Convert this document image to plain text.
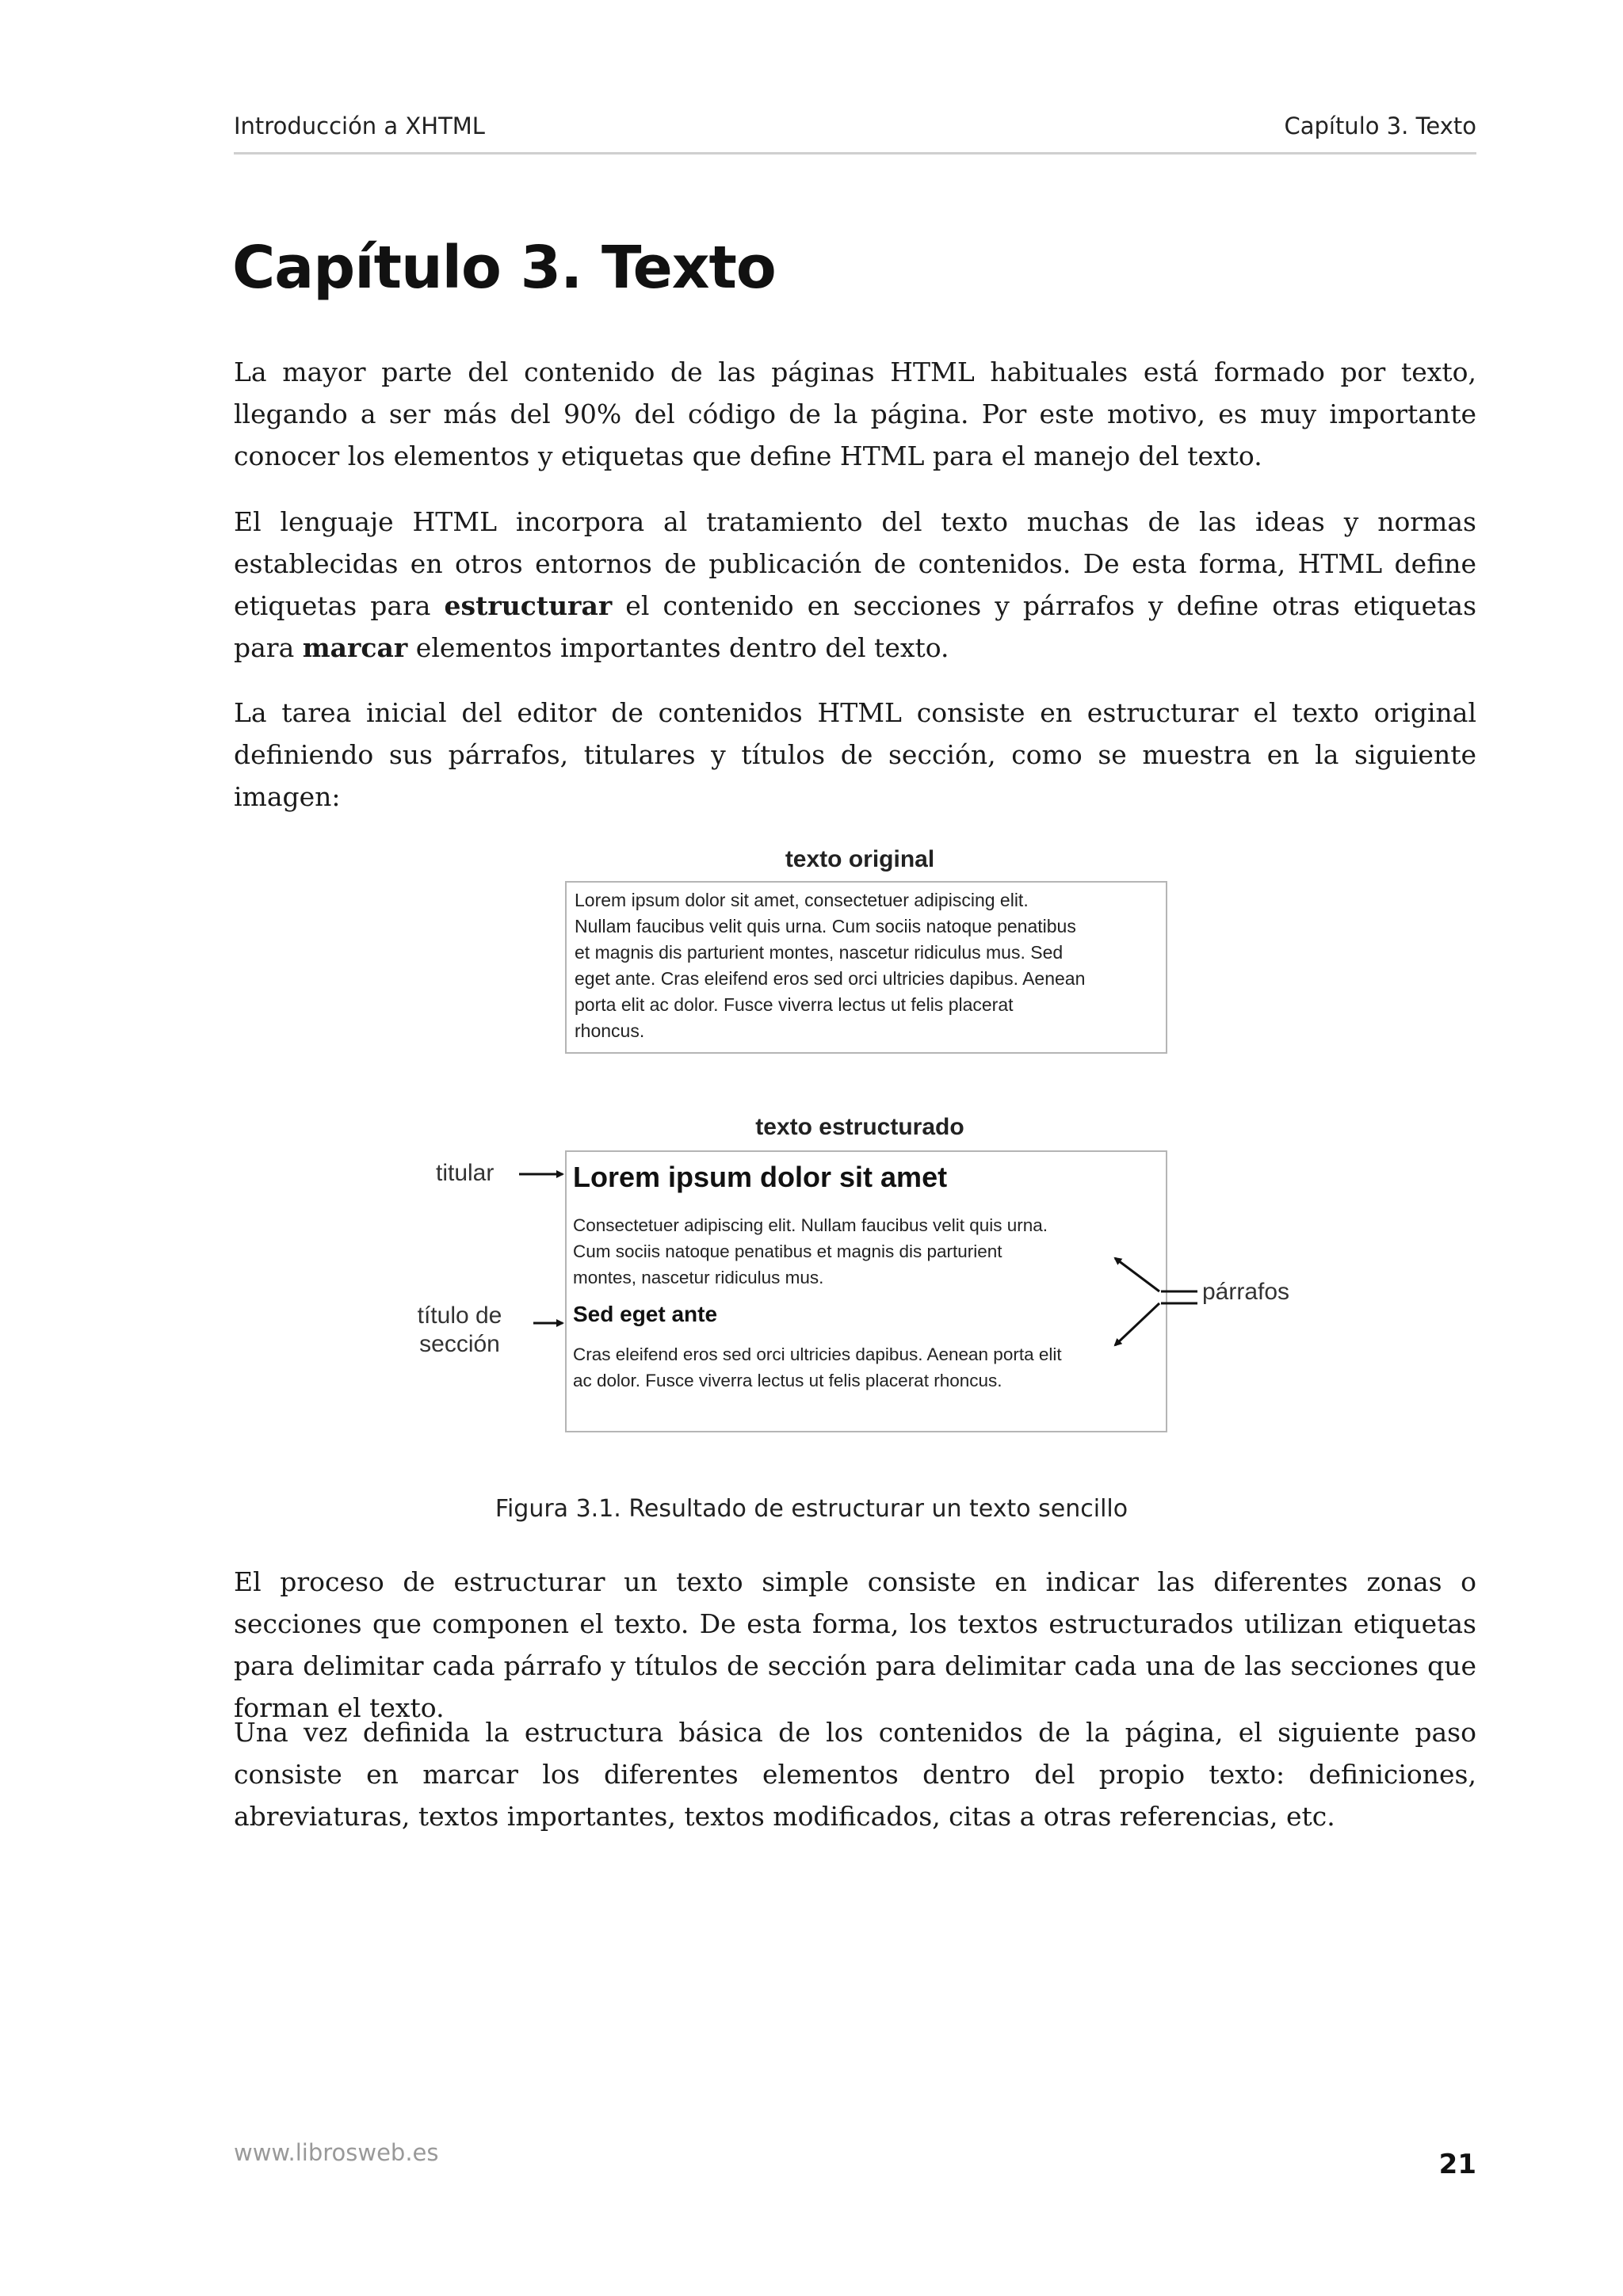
Introducción a XHTML	Capítulo 3. Texto
Capítulo 3. Texto

La mayor parte del contenido de las páginas HTML habituales está formado por texto, llegando a ser más del 90% del código de la página. Por este motivo, es muy importante conocer los elementos y etiquetas que define HTML para el manejo del texto.

El lenguaje HTML incorpora al tratamiento del texto muchas de las ideas y normas establecidas en otros entornos de publicación de contenidos. De esta forma, HTML define etiquetas para estructurar el contenido en secciones y párrafos y define otras etiquetas para marcar elementos importantes dentro del texto.

La tarea inicial del editor de contenidos HTML consiste en estructurar el texto original definiendo sus párrafos, titulares y títulos de sección, como se muestra en la siguiente imagen:

texto original

Lorem ipsum dolor sit amet, consectetuer adipiscing elit.
Nullam faucibus velit quis urna. Cum sociis natoque penatibus
et magnis dis parturient montes, nascetur ridiculus mus. Sed
eget ante. Cras eleifend eros sed orci ultricies dapibus. Aenean
porta elit ac dolor. Fusce viverra lectus ut felis placerat
rhoncus.

texto estructurado
Lorem ipsum dolor sit amet

Consectetuer adipiscing elit. Nullam faucibus velit quis urna.
Cum sociis natoque penatibus et magnis dis parturient
montes, nascetur ridiculus mus.

Sed eget ante

Cras eleifend eros sed orci ultricies dapibus. Aenean porta elit
ac dolor. Fusce viverra lectus ut felis placerat rhoncus.

titular
título de
sección
párrafos

Figura 3.1. Resultado de estructurar un texto sencillo

El proceso de estructurar un texto simple consiste en indicar las diferentes zonas o secciones que componen el texto. De esta forma, los textos estructurados utilizan etiquetas para delimitar cada párrafo y títulos de sección para delimitar cada una de las secciones que forman el texto.

Una vez definida la estructura básica de los contenidos de la página, el siguiente paso consiste en marcar los diferentes elementos dentro del propio texto: definiciones, abreviaturas, textos importantes, textos modificados, citas a otras referencias, etc.

www.librosweb.es	21
